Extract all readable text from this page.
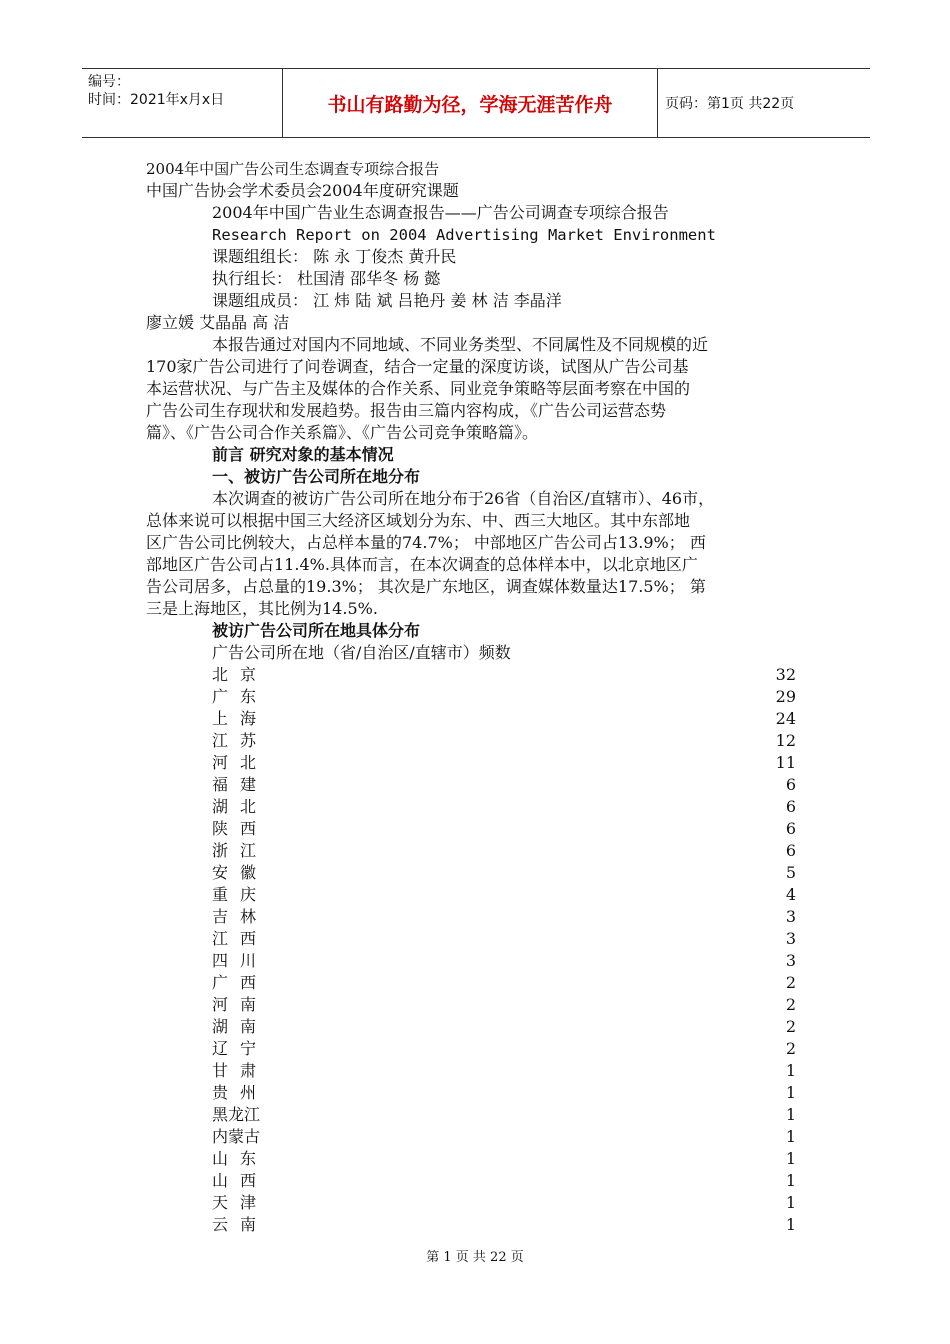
编号：
时间：2021年x月x日	书山有路勤为径，学海无涯苦作舟	页码：第1页 共22页
2004年中国广告公司生态调查专项综合报告
中国广告协会学术委员会2004年度研究课题
2004年中国广告业生态调查报告——广告公司调查专项综合报告
Research Report on 2004 Advertising Market Environment
课题组组长： 陈 永 丁俊杰 黄升民
执行组长： 杜国清 邵华冬 杨 懿
课题组成员： 江 炜 陆 斌 吕艳丹 姜 林 洁 李晶洋
廖立媛 艾晶晶 高 洁
本报告通过对国内不同地域、不同业务类型、不同属性及不同规模的近
170家广告公司进行了问卷调查，结合一定量的深度访谈，试图从广告公司基
本运营状况、与广告主及媒体的合作关系、同业竞争策略等层面考察在中国的
广告公司生存现状和发展趋势。报告由三篇内容构成，《广告公司运营态势
篇》、《广告公司合作关系篇》、《广告公司竞争策略篇》。
前言 研究对象的基本情况
一、被访广告公司所在地分布
本次调查的被访广告公司所在地分布于26省（自治区/直辖市）、46市，
总体来说可以根据中国三大经济区域划分为东、中、西三大地区。其中东部地
区广告公司比例较大，占总样本量的74.7%； 中部地区广告公司占13.9%； 西
部地区广告公司占11.4%.具体而言，在本次调查的总体样本中，以北京地区广
告公司居多，占总量的19.3%； 其次是广东地区，调查媒体数量达17.5%； 第
三是上海地区，其比例为14.5%.
被访广告公司所在地具体分布
广告公司所在地（省/自治区/直辖市）频数
北京	32
广东	29
上海	24
江苏	12
河北	11
福建	6
湖北	6
陕西	6
浙江	6
安徽	5
重庆	4
吉林	3
江西	3
四川	3
广西	2
河南	2
湖南	2
辽宁	2
甘肃	1
贵州	1
黑龙江	1
内蒙古	1
山东	1
山西	1
天津	1
云南	1
第 1 页 共 22 页
